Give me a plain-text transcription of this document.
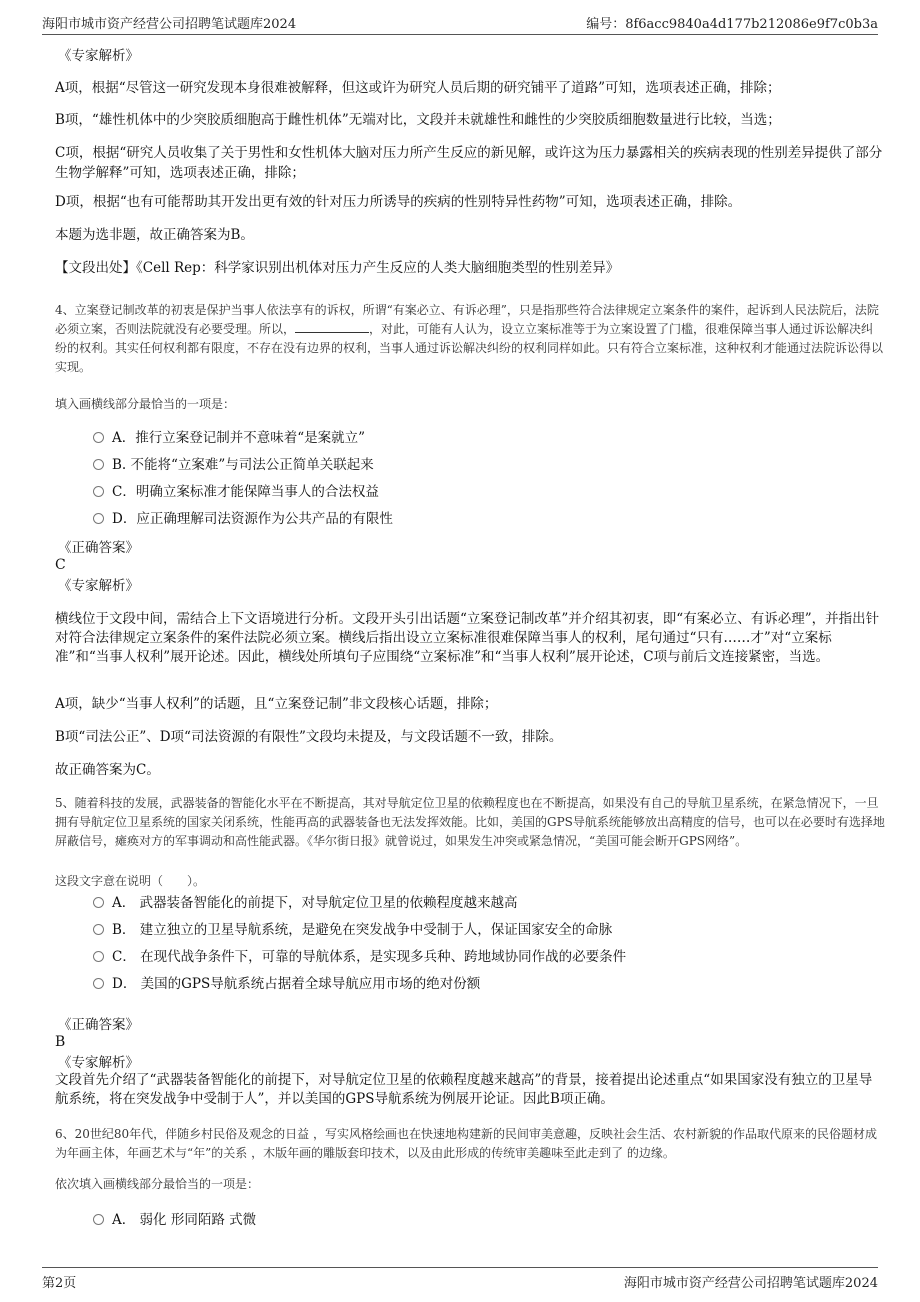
海阳市城市资产经营公司招聘笔试题库2024	编号：8f6acc9840a4d177b212086e9f7c0b3a
《专家解析》
A项，根据“尽管这一研究发现本身很难被解释，但这或许为研究人员后期的研究铺平了道路”可知，选项表述正确，排除；
B项，“雄性机体中的少突胶质细胞高于雌性机体”无端对比，文段并未就雄性和雌性的少突胶质细胞数量进行比较，当选；
C项，根据“研究人员收集了关于男性和女性机体大脑对压力所产生反应的新见解，或许这为压力暴露相关的疾病表现的性别差异提供了部分生物学解释”可知，选项表述正确，排除；
D项，根据“也有可能帮助其开发出更有效的针对压力所诱导的疾病的性别特异性药物”可知，选项表述正确，排除。
本题为选非题，故正确答案为B。
【文段出处】《Cell Rep：科学家识别出机体对压力产生反应的人类大脑细胞类型的性别差异》
4、立案登记制改革的初衷是保护当事人依法享有的诉权，所谓“有案必立、有诉必理”，只是指那些符合法律规定立案条件的案件，起诉到人民法院后，法院必须立案，否则法院就没有必要受理。所以，	，对此，可能有人认为，设立立案标准等于为立案设置了门槛，很难保障当事人通过诉讼解决纠纷的权利。其实任何权利都有限度，不存在没有边界的权利，当事人通过诉讼解决纠纷的权利同样如此。只有符合立案标准，这种权利才能通过法院诉讼得以实现。
填入画横线部分最恰当的一项是：
A．推行立案登记制并不意味着“是案就立”
B. 不能将“立案难”与司法公正简单关联起来
C．明确立案标准才能保障当事人的合法权益
D．应正确理解司法资源作为公共产品的有限性
《正确答案》
C
《专家解析》
横线位于文段中间，需结合上下文语境进行分析。文段开头引出话题“立案登记制改革”并介绍其初衷，即“有案必立、有诉必理”，并指出针对符合法律规定立案条件的案件法院必须立案。横线后指出设立立案标准很难保障当事人的权利，尾句通过“只有……才”对“立案标准”和“当事人权利”展开论述。因此，横线处所填句子应围绕“立案标准”和“当事人权利”展开论述，C项与前后文连接紧密，当选。
A项，缺少“当事人权利”的话题，且“立案登记制”非文段核心话题，排除；
B项“司法公正”、D项“司法资源的有限性”文段均未提及，与文段话题不一致，排除。
故正确答案为C。
5、随着科技的发展，武器装备的智能化水平在不断提高，其对导航定位卫星的依赖程度也在不断提高，如果没有自己的导航卫星系统，在紧急情况下，一旦拥有导航定位卫星系统的国家关闭系统，性能再高的武器装备也无法发挥效能。比如，美国的GPS导航系统能够放出高精度的信号，也可以在必要时有选择地屏蔽信号，瘫痪对方的军事调动和高性能武器。《华尔街日报》就曾说过，如果发生冲突或紧急情况，“美国可能会断开GPS网络”。
这段文字意在说明（　　）。
A． 武器装备智能化的前提下，对导航定位卫星的依赖程度越来越高
B． 建立独立的卫星导航系统，是避免在突发战争中受制于人，保证国家安全的命脉
C． 在现代战争条件下，可靠的导航体系，是实现多兵种、跨地域协同作战的必要条件
D． 美国的GPS导航系统占据着全球导航应用市场的绝对份额
《正确答案》
B
《专家解析》
文段首先介绍了“武器装备智能化的前提下，对导航定位卫星的依赖程度越来越高”的背景，接着提出论述重点“如果国家没有独立的卫星导航系统，将在突发战争中受制于人”，并以美国的GPS导航系统为例展开论证。因此B项正确。
6、20世纪80年代，伴随乡村民俗及观念的日益 ，写实风格绘画也在快速地构建新的民间审美意趣，反映社会生活、农村新貌的作品取代原来的民俗题材成为年画主体，年画艺术与“年”的关系 ，木版年画的雕版套印技术，以及由此形成的传统审美趣味至此走到了 的边缘。
依次填入画横线部分最恰当的一项是：
A． 弱化 形同陌路 式微
第2页	海阳市城市资产经营公司招聘笔试题库2024
